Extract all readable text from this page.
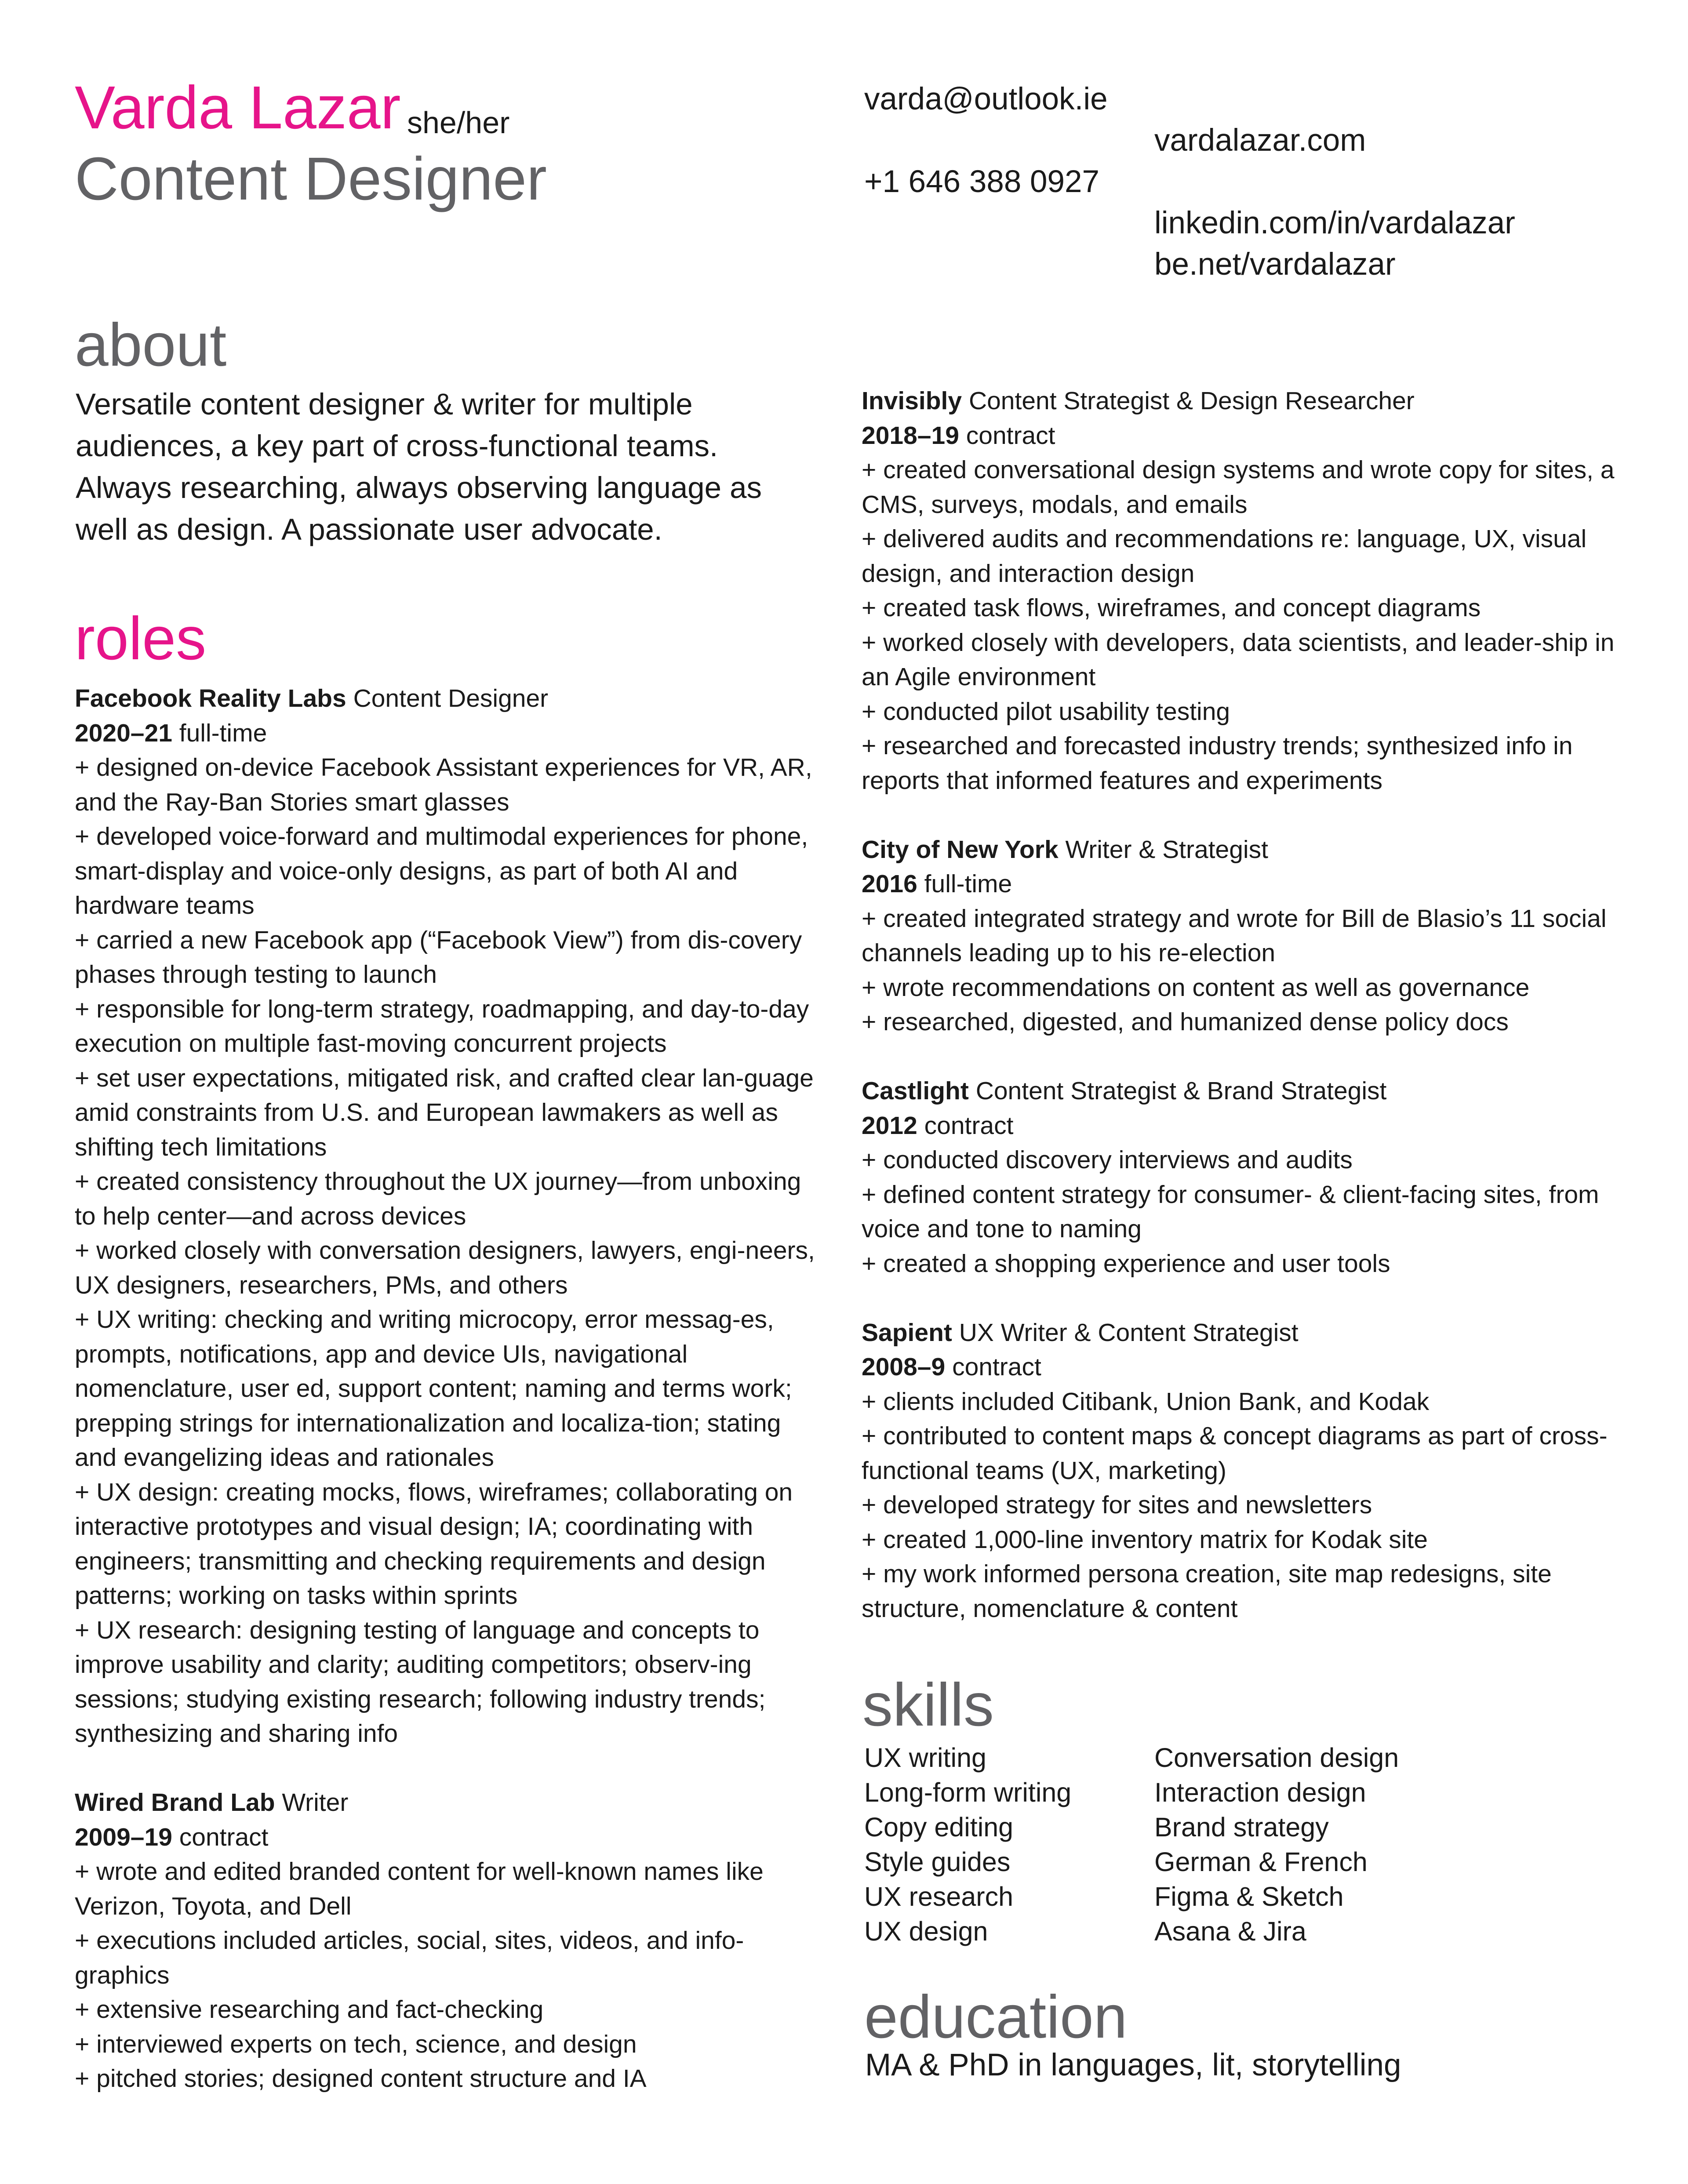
Varda Lazar she/her
Content Designer
varda@outlook.ie
+1 646 388 0927
vardalazar.com
linkedin.com/in/vardalazar
be.net/vardalazar
about
Versatile content designer & writer for multiple audiences, a key part of cross-functional teams. Always researching, always observing language as well as design. A passionate user advocate.
roles

Facebook Reality Labs Content Designer

2020–21 full-time

+ designed on-device Facebook Assistant experiences for VR, AR, and the Ray-Ban Stories smart glasses

+ developed voice-forward and multimodal experiences for phone, smart-display and voice-only designs, as part of both AI and hardware teams

+ carried a new Facebook app (“Facebook View”) from dis-covery phases through testing to launch

+ responsible for long-term strategy, roadmapping, and day-to-day execution on multiple fast-moving concurrent projects

+ set user expectations, mitigated risk, and crafted clear lan-guage amid constraints from U.S. and European lawmakers as well as shifting tech limitations

+ created consistency throughout the UX journey—from unboxing to help center—and across devices

+ worked closely with conversation designers, lawyers, engi-neers, UX designers, researchers, PMs, and others

+ UX writing: checking and writing microcopy, error messag-es, prompts, notifications, app and device UIs, navigational nomenclature, user ed, support content; naming and terms work; prepping strings for internationalization and localiza-tion; stating and evangelizing ideas and rationales

+ UX design: creating mocks, flows, wireframes; collaborating on interactive prototypes and visual design; IA; coordinating with engineers; transmitting and checking requirements and design patterns; working on tasks within sprints

+ UX research: designing testing of language and concepts to improve usability and clarity; auditing competitors; observ-ing sessions; studying existing research; following industry trends; synthesizing and sharing info

Wired Brand Lab Writer

2009–19 contract

+ wrote and edited branded content for well-known names like Verizon, Toyota, and Dell

+ executions included articles, social, sites, videos, and info-graphics

+ extensive researching and fact-checking

+ interviewed experts on tech, science, and design

+ pitched stories; designed content structure and IA

Invisibly Content Strategist & Design Researcher

2018–19 contract

+ created conversational design systems and wrote copy for sites, a CMS, surveys, modals, and emails

+ delivered audits and recommendations re: language, UX, visual design, and interaction design

+ created task flows, wireframes, and concept diagrams

+ worked closely with developers, data scientists, and leader-ship in an Agile environment

+ conducted pilot usability testing

+ researched and forecasted industry trends; synthesized info in reports that informed features and experiments

City of New York Writer & Strategist

2016 full-time

+ created integrated strategy and wrote for Bill de Blasio’s 11 social channels leading up to his re-election

+ wrote recommendations on content as well as governance

+ researched, digested, and humanized dense policy docs

Castlight Content Strategist & Brand Strategist

2012 contract

+ conducted discovery interviews and audits

+ defined content strategy for consumer- & client-facing sites, from voice and tone to naming

+ created a shopping experience and user tools

Sapient UX Writer & Content Strategist

2008–9 contract

+ clients included Citibank, Union Bank, and Kodak

+ contributed to content maps & concept diagrams as part of cross-functional teams (UX, marketing)

+ developed strategy for sites and newsletters

+ created 1,000-line inventory matrix for Kodak site

+ my work informed persona creation, site map redesigns, site structure, nomenclature & content

skills
UX writing
Long-form writing
Copy editing
Style guides
UX research
UX design
Conversation design
Interaction design
Brand strategy
German & French
Figma & Sketch
Asana & Jira
education
MA & PhD in languages, lit, storytelling
